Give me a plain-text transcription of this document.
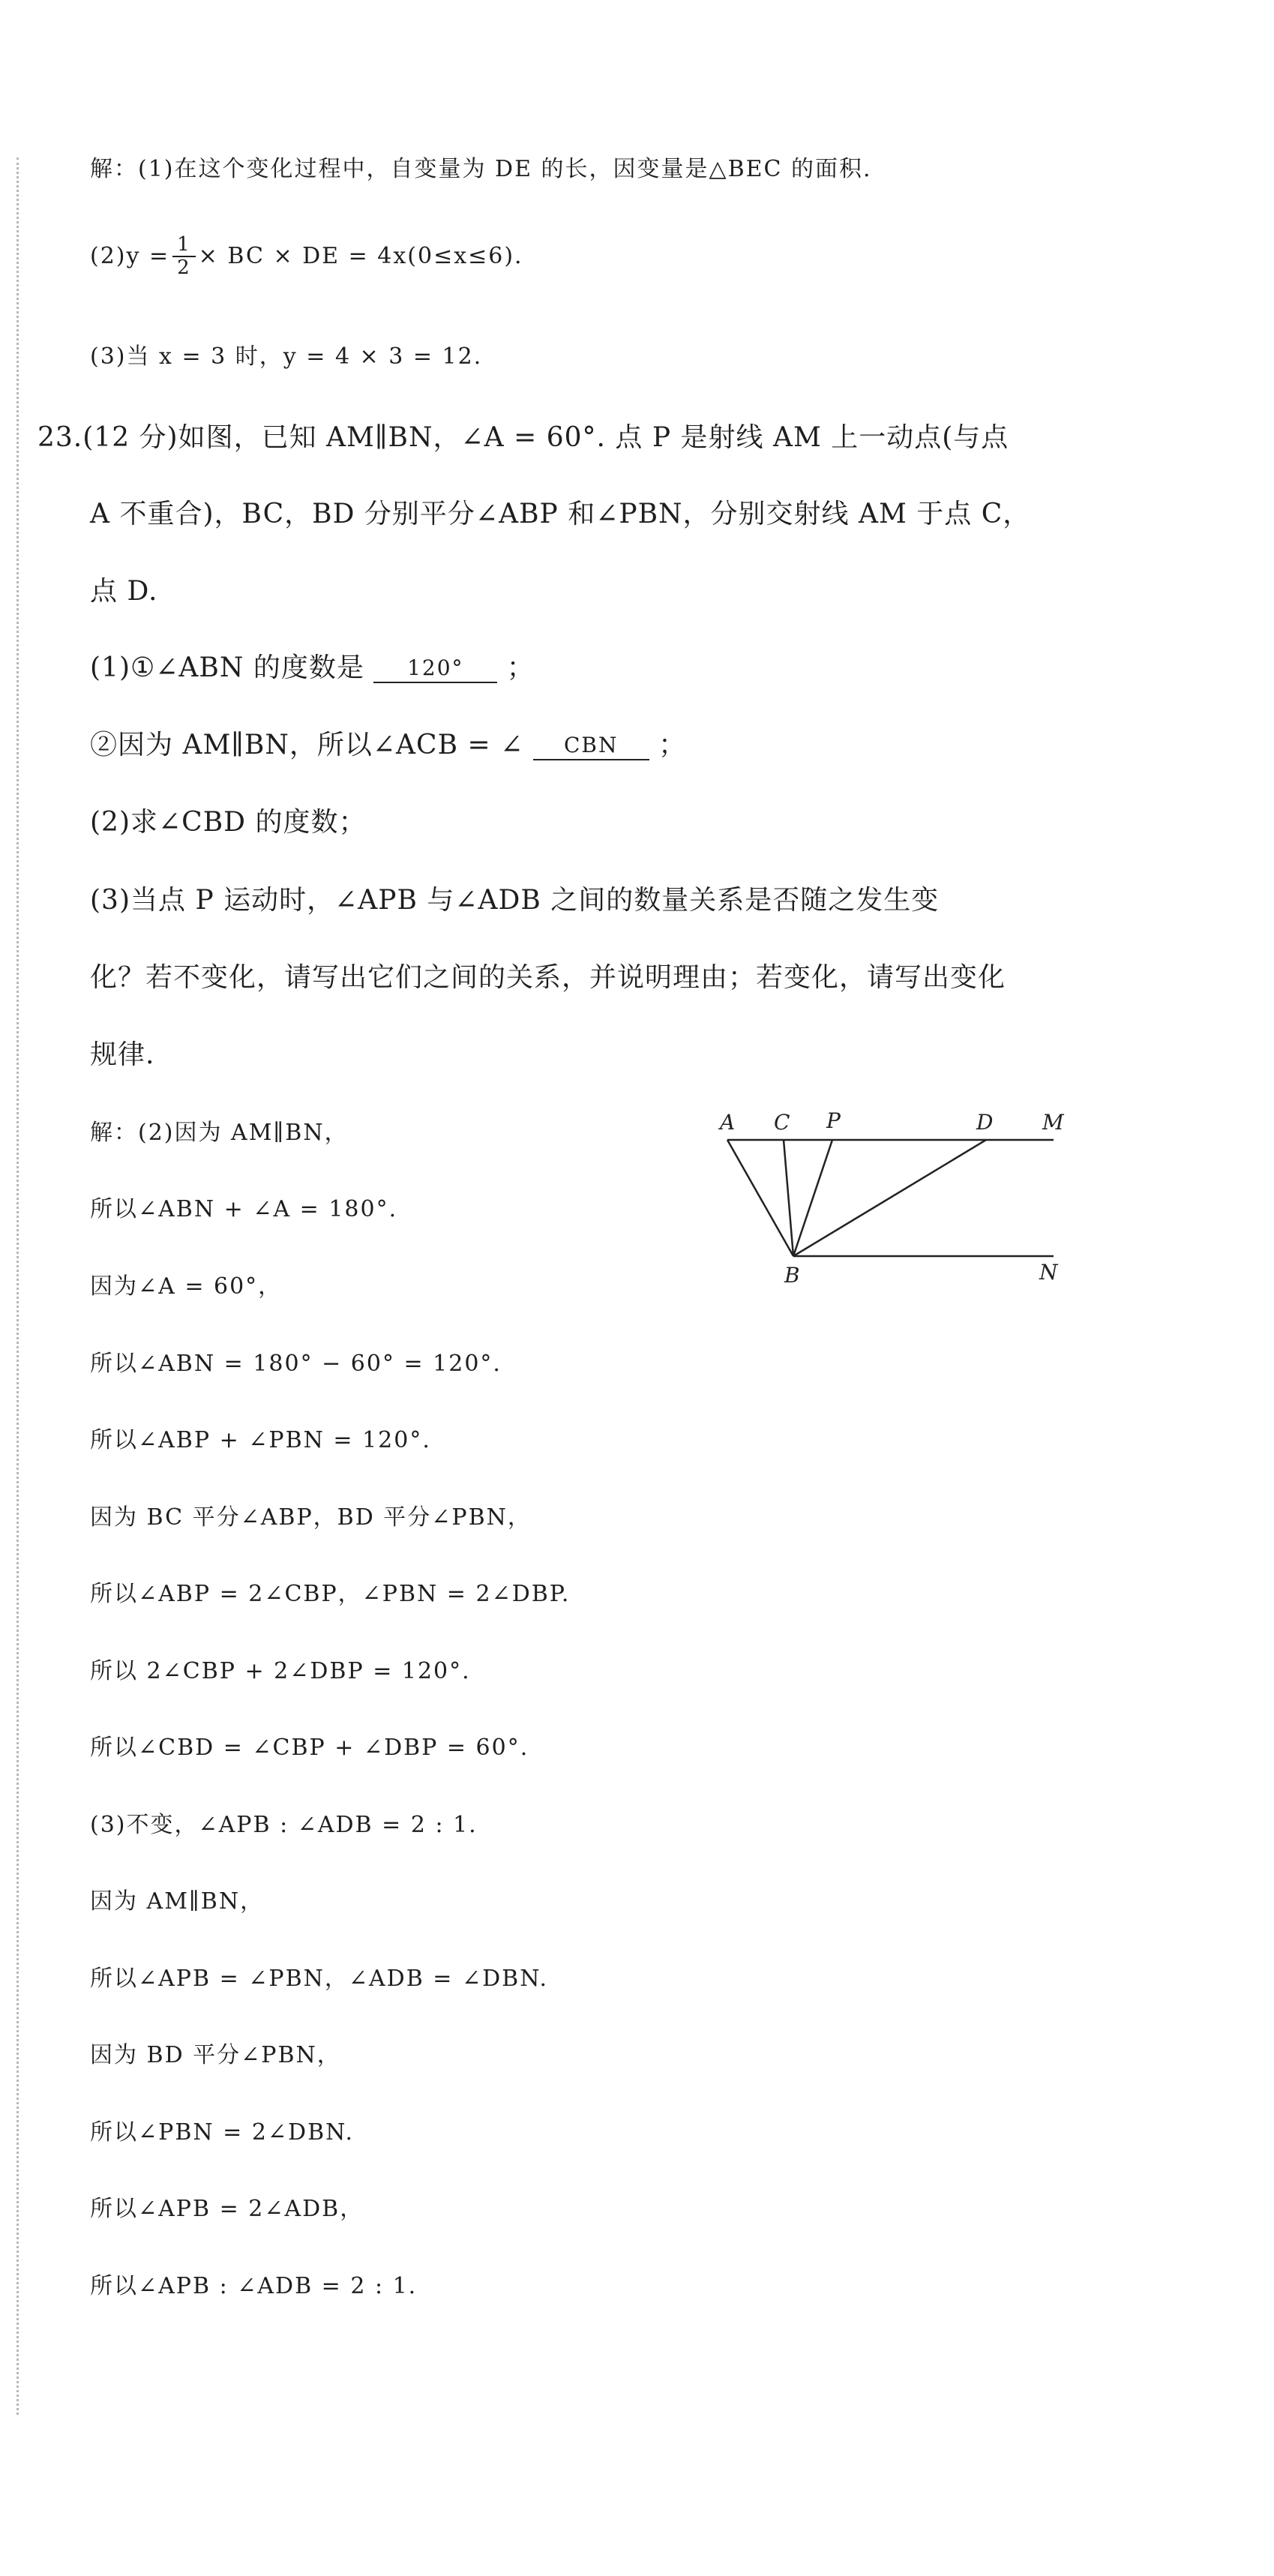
解：(1)在这个变化过程中，自变量为 DE 的长，因变量是△BEC 的面积.
$(2)y = \frac{1}{2}$ × BC × DE = 4x(0≤x≤6).
(3)当 x = 3 时，y = 4 × 3 = 12.
23.(12 分)如图，已知 AM∥BN，∠A = 60°. 点 P 是射线 AM 上一动点(与点
A 不重合)，BC，BD 分别平分∠ABP 和∠PBN，分别交射线 AM 于点 C，
点 D.
(1)①∠ABN 的度数是 120° ；
②因为 AM∥BN，所以∠ACB = ∠ CBN ；
(2)求∠CBD 的度数；
(3)当点 P 运动时，∠APB 与∠ADB 之间的数量关系是否随之发生变
化？若不变化，请写出它们之间的关系，并说明理由；若变化，请写出变化
规律.
A C P	D M
B	N
解：(2)因为 AM∥BN，
所以∠ABN + ∠A = 180°.
因为∠A = 60°，
所以∠ABN = 180° − 60° = 120°.
所以∠ABP + ∠PBN = 120°.
因为 BC 平分∠ABP，BD 平分∠PBN，
所以∠ABP = 2∠CBP，∠PBN = 2∠DBP.
所以 2∠CBP + 2∠DBP = 120°.
所以∠CBD = ∠CBP + ∠DBP = 60°.
(3)不变，∠APB : ∠ADB = 2 : 1.
因为 AM∥BN，
所以∠APB = ∠PBN，∠ADB = ∠DBN.
因为 BD 平分∠PBN，
所以∠PBN = 2∠DBN.
所以∠APB = 2∠ADB，
所以∠APB : ∠ADB = 2 : 1.
